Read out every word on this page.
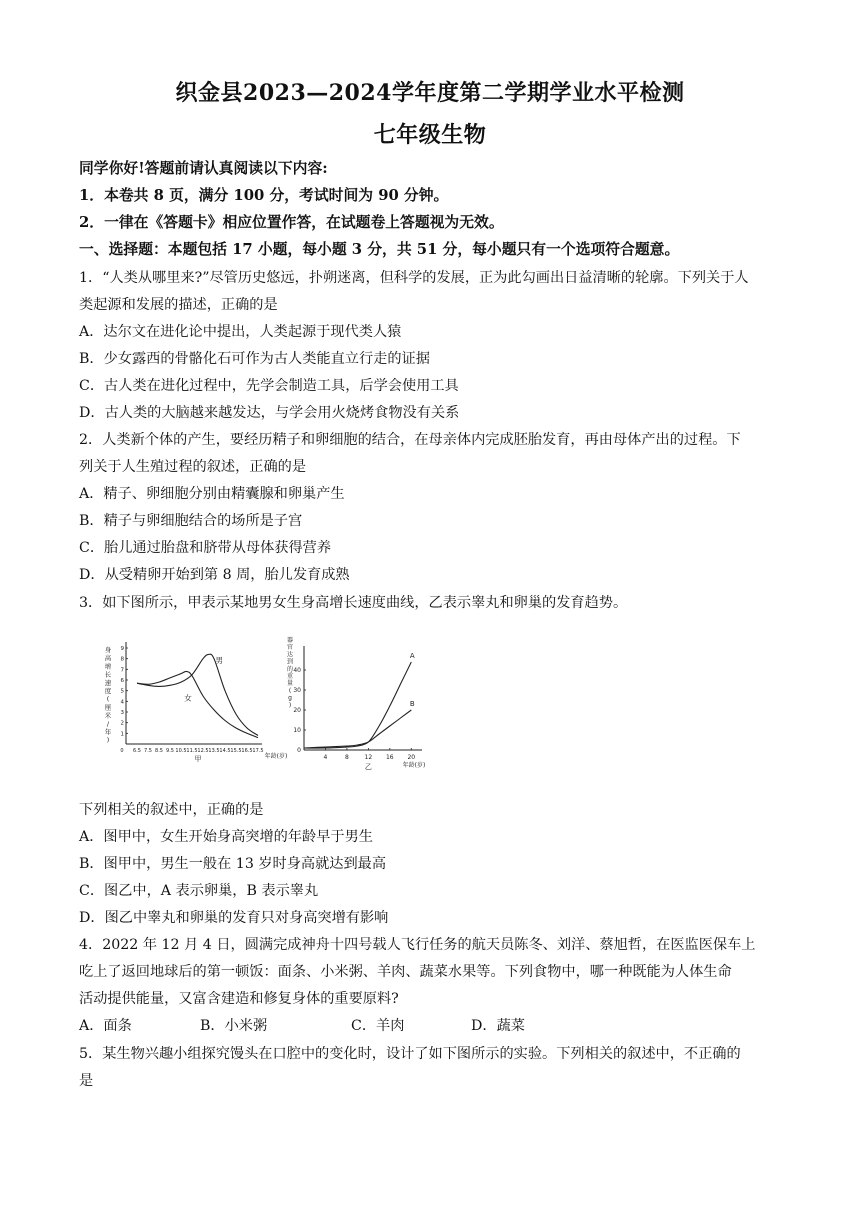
织金县2023—2024学年度第二学期学业水平检测
七年级生物
同学你好!答题前请认真阅读以下内容:
1．本卷共 8 页，满分 100 分，考试时间为 90 分钟。
2．一律在《答题卡》相应位置作答，在试题卷上答题视为无效。
一、选择题：本题包括 17 小题，每小题 3 分，共 51 分，每小题只有一个选项符合题意。
1．“人类从哪里来?”尽管历史悠远，扑朔迷离，但科学的发展，正为此勾画出日益清晰的轮廓。下列关于人
类起源和发展的描述，正确的是
A．达尔文在进化论中提出，人类起源于现代类人猿
B．少女露西的骨骼化石可作为古人类能直立行走的证据
C．古人类在进化过程中，先学会制造工具，后学会使用工具
D．古人类的大脑越来越发达，与学会用火烧烤食物没有关系
2．人类新个体的产生，要经历精子和卵细胞的结合，在母亲体内完成胚胎发育，再由母体产出的过程。下
列关于人生殖过程的叙述，正确的是
A．精子、卵细胞分别由精囊腺和卵巢产生
B．精子与卵细胞结合的场所是子宫
C．胎儿通过胎盘和脐带从母体获得营养
D．从受精卵开始到第 8 周，胎儿发育成熟
3．如下图所示，甲表示某地男女生身高增长速度曲线，乙表示睾丸和卵巢的发育趋势。
1
2
3
4
5
6
7
8
9
0 6.5 7.5 8.5 9.5 10.5 11.5 12.5 13.5 14.5 15.5 16.5 17.5
身
高
增
长
速
度
(
厘
米
/
年
)
年龄(岁)
甲
男
女
0
10
20
30
40
4	8	12 16 20
器
官
达
到
的
重
量
(
g
)
年龄(岁)
乙
A
B
下列相关的叙述中，正确的是
A．图甲中，女生开始身高突增的年龄早于男生
B．图甲中，男生一般在 13 岁时身高就达到最高
C．图乙中，A 表示卵巢，B 表示睾丸
D．图乙中睾丸和卵巢的发育只对身高突增有影响
4．2022 年 12 月 4 日，圆满完成神舟十四号载人飞行任务的航天员陈冬、刘洋、蔡旭哲，在医监医保车上
吃上了返回地球后的第一顿饭：面条、小米粥、羊肉、蔬菜水果等。下列食物中，哪一种既能为人体生命
活动提供能量，又富含建造和修复身体的重要原料?
A．面条	B．小米粥	C．羊肉	D．蔬菜
5．某生物兴趣小组探究馒头在口腔中的变化时，设计了如下图所示的实验。下列相关的叙述中，不正确的
是
